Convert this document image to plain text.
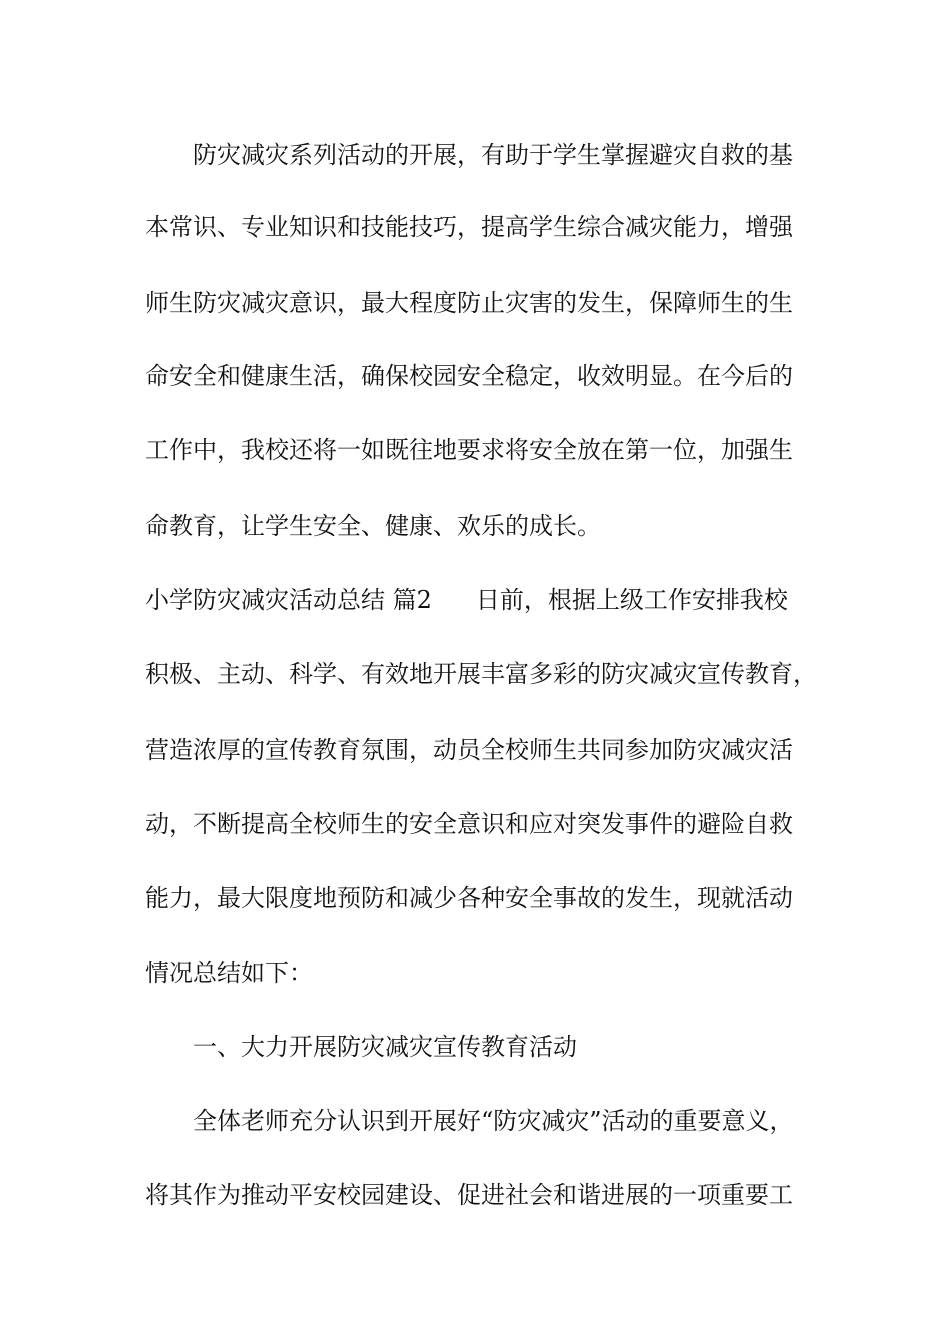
防灾减灾系列活动的开展，有助于学生掌握避灾自救的基
本常识、专业知识和技能技巧，提高学生综合减灾能力，增强
师生防灾减灾意识，最大程度防止灾害的发生，保障师生的生
命安全和健康生活，确保校园安全稳定，收效明显。在今后的
工作中，我校还将一如既往地要求将安全放在第一位，加强生
命教育，让学生安全、健康、欢乐的成长。
小学防灾减灾活动总结 篇2 日前，根据上级工作安排我校
积极、主动、科学、有效地开展丰富多彩的防灾减灾宣传教育，
营造浓厚的宣传教育氛围，动员全校师生共同参加防灾减灾活
动，不断提高全校师生的安全意识和应对突发事件的避险自救
能力，最大限度地预防和减少各种安全事故的发生，现就活动
情况总结如下：
一、大力开展防灾减灾宣传教育活动
全体老师充分认识到开展好“防灾减灾”活动的重要意义，
将其作为推动平安校园建设、促进社会和谐进展的一项重要工
